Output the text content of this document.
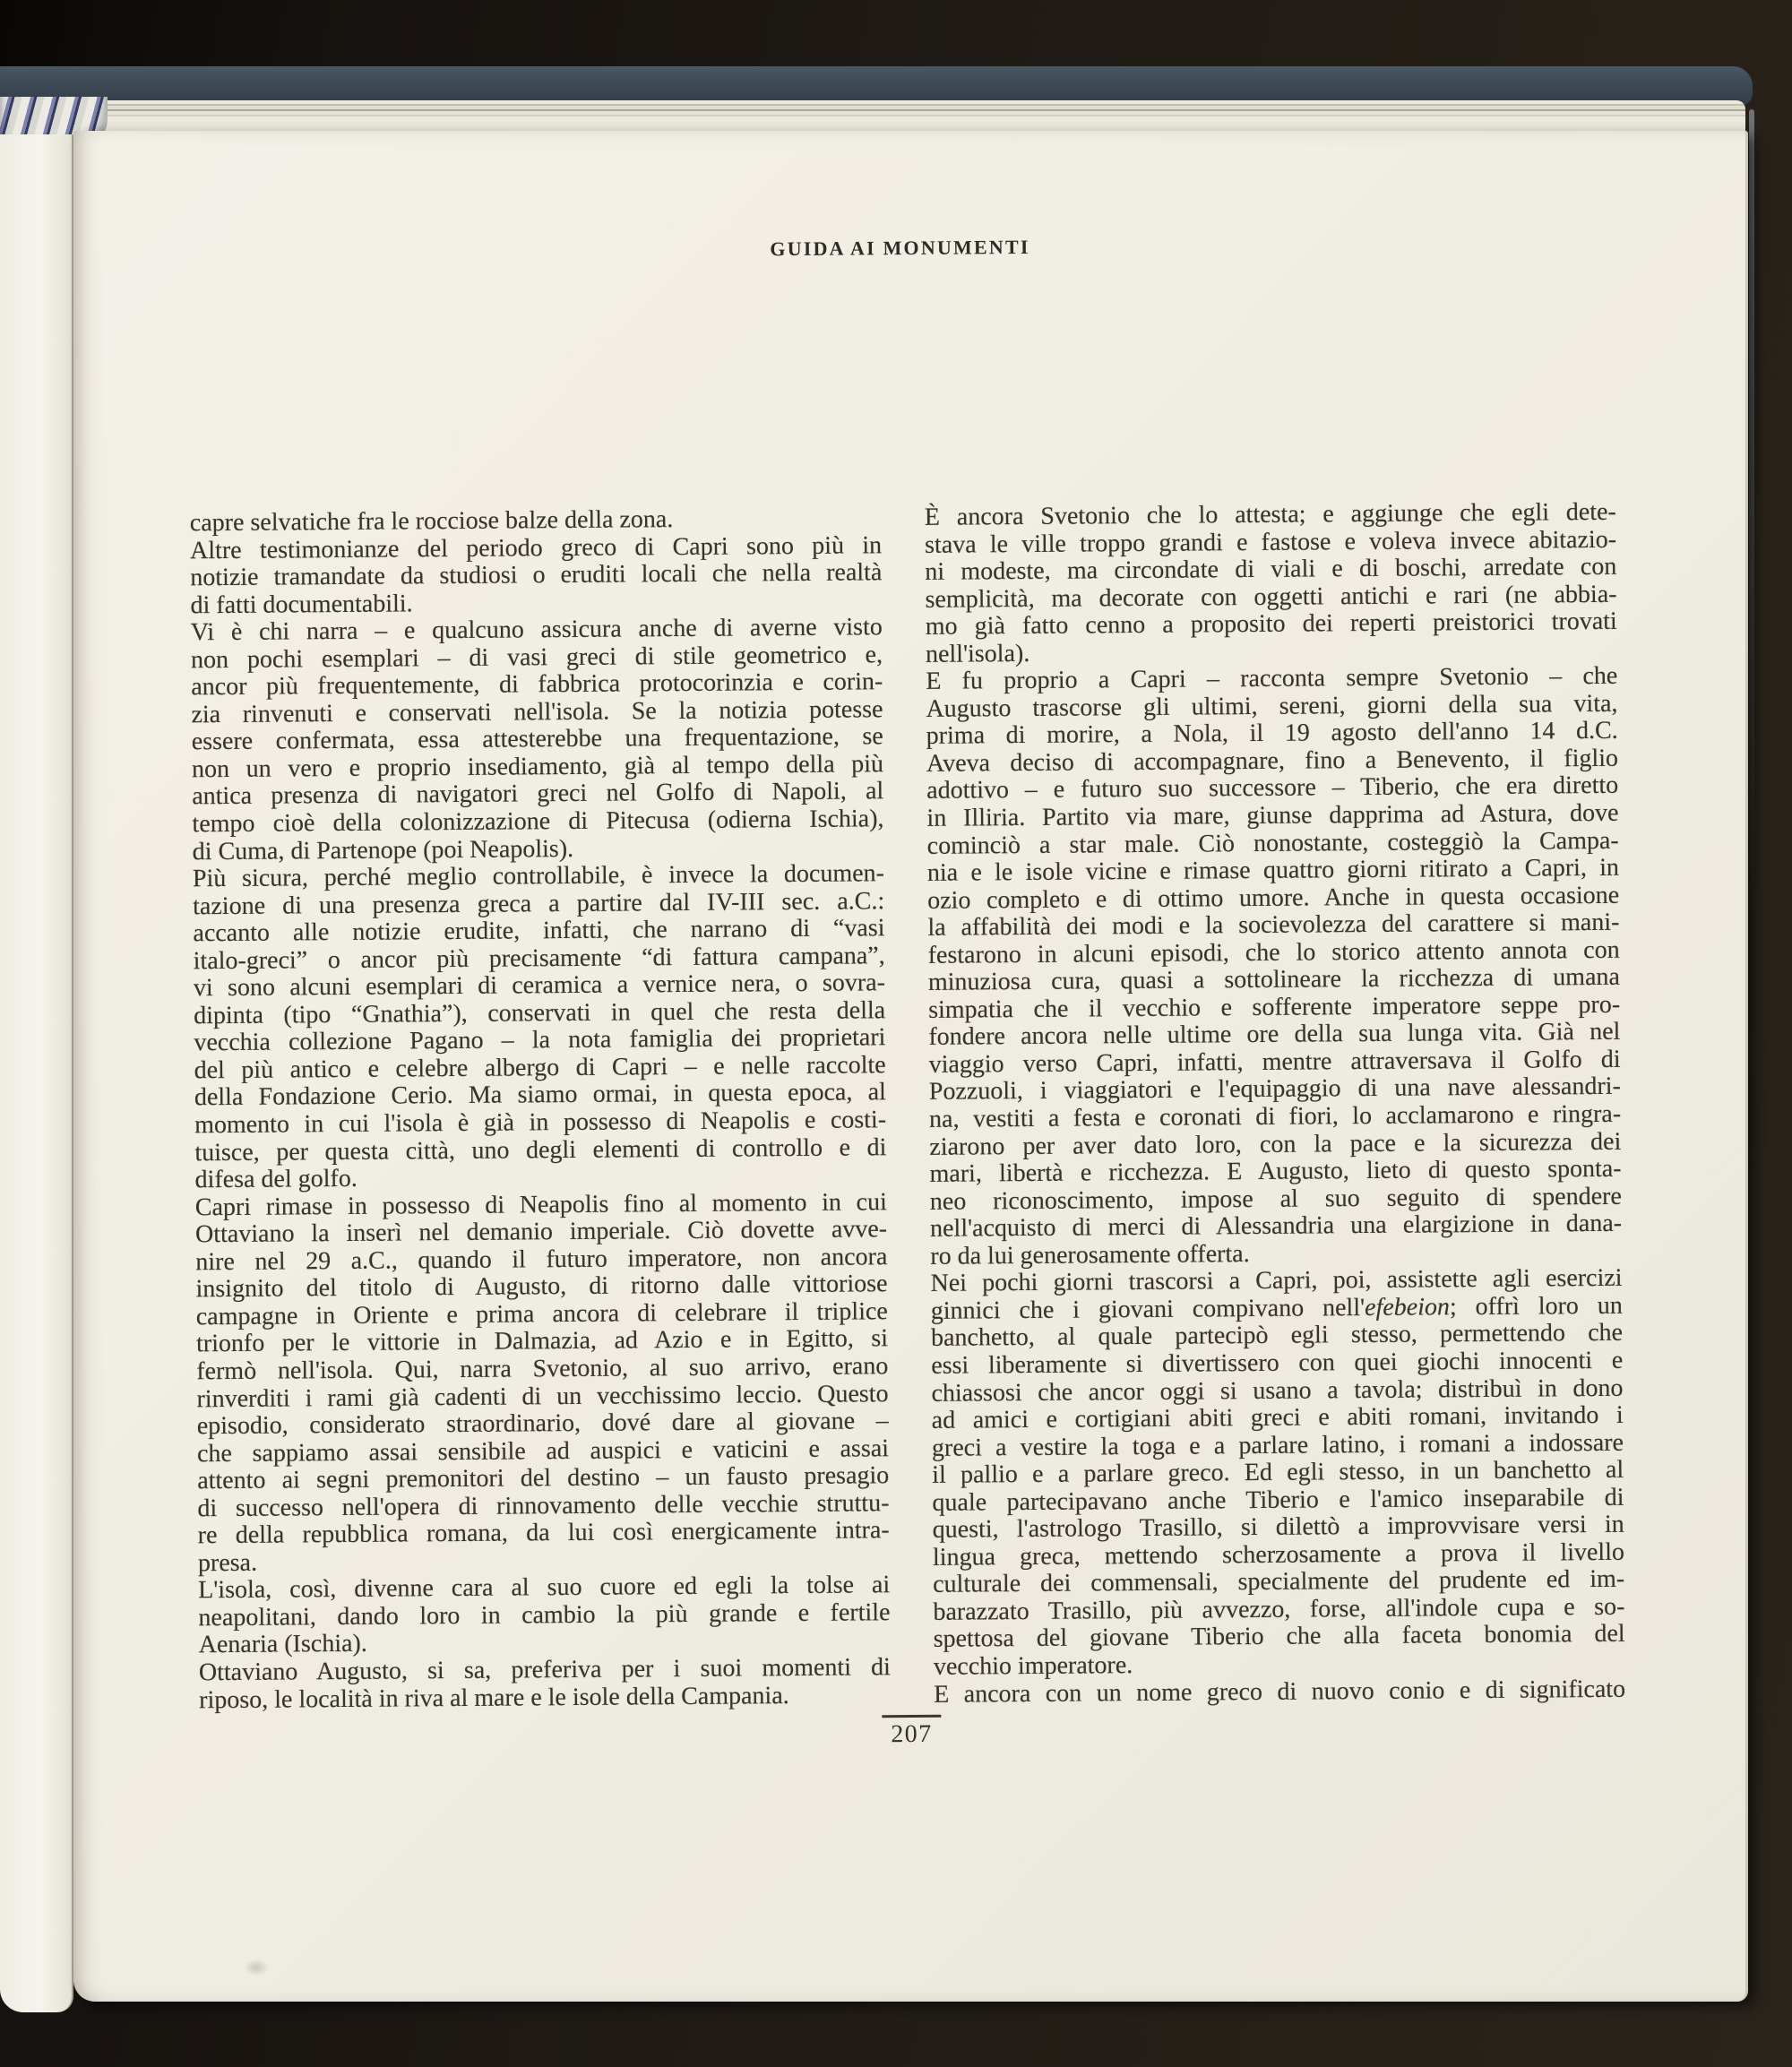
GUIDA AI MONUMENTI
capre selvatiche fra le rocciose balze della zona.
Altre testimonianze del periodo greco di Capri sono più in
notizie tramandate da studiosi o eruditi locali che nella realtà
di fatti documentabili.
Vi è chi narra – e qualcuno assicura anche di averne visto
non pochi esemplari – di vasi greci di stile geometrico e,
ancor più frequentemente, di fabbrica protocorinzia e corin-
zia rinvenuti e conservati nell'isola. Se la notizia potesse
essere confermata, essa attesterebbe una frequentazione, se
non un vero e proprio insediamento, già al tempo della più
antica presenza di navigatori greci nel Golfo di Napoli, al
tempo cioè della colonizzazione di Pitecusa (odierna Ischia),
di Cuma, di Partenope (poi Neapolis).
Più sicura, perché meglio controllabile, è invece la documen-
tazione di una presenza greca a partire dal IV-III sec. a.C.:
accanto alle notizie erudite, infatti, che narrano di “vasi
italo-greci” o ancor più precisamente “di fattura campana”,
vi sono alcuni esemplari di ceramica a vernice nera, o sovra-
dipinta (tipo “Gnathia”), conservati in quel che resta della
vecchia collezione Pagano – la nota famiglia dei proprietari
del più antico e celebre albergo di Capri – e nelle raccolte
della Fondazione Cerio. Ma siamo ormai, in questa epoca, al
momento in cui l'isola è già in possesso di Neapolis e costi-
tuisce, per questa città, uno degli elementi di controllo e di
difesa del golfo.
Capri rimase in possesso di Neapolis fino al momento in cui
Ottaviano la inserì nel demanio imperiale. Ciò dovette avve-
nire nel 29 a.C., quando il futuro imperatore, non ancora
insignito del titolo di Augusto, di ritorno dalle vittoriose
campagne in Oriente e prima ancora di celebrare il triplice
trionfo per le vittorie in Dalmazia, ad Azio e in Egitto, si
fermò nell'isola. Qui, narra Svetonio, al suo arrivo, erano
rinverditi i rami già cadenti di un vecchissimo leccio. Questo
episodio, considerato straordinario, dové dare al giovane –
che sappiamo assai sensibile ad auspici e vaticini e assai
attento ai segni premonitori del destino – un fausto presagio
di successo nell'opera di rinnovamento delle vecchie struttu-
re della repubblica romana, da lui così energicamente intra-
presa.
L'isola, così, divenne cara al suo cuore ed egli la tolse ai
neapolitani, dando loro in cambio la più grande e fertile
Aenaria (Ischia).
Ottaviano Augusto, si sa, preferiva per i suoi momenti di
riposo, le località in riva al mare e le isole della Campania.
È ancora Svetonio che lo attesta; e aggiunge che egli dete-
stava le ville troppo grandi e fastose e voleva invece abitazio-
ni modeste, ma circondate di viali e di boschi, arredate con
semplicità, ma decorate con oggetti antichi e rari (ne abbia-
mo già fatto cenno a proposito dei reperti preistorici trovati
nell'isola).
E fu proprio a Capri – racconta sempre Svetonio – che
Augusto trascorse gli ultimi, sereni, giorni della sua vita,
prima di morire, a Nola, il 19 agosto dell'anno 14 d.C.
Aveva deciso di accompagnare, fino a Benevento, il figlio
adottivo – e futuro suo successore – Tiberio, che era diretto
in Illiria. Partito via mare, giunse dapprima ad Astura, dove
cominciò a star male. Ciò nonostante, costeggiò la Campa-
nia e le isole vicine e rimase quattro giorni ritirato a Capri, in
ozio completo e di ottimo umore. Anche in questa occasione
la affabilità dei modi e la socievolezza del carattere si mani-
festarono in alcuni episodi, che lo storico attento annota con
minuziosa cura, quasi a sottolineare la ricchezza di umana
simpatia che il vecchio e sofferente imperatore seppe pro-
fondere ancora nelle ultime ore della sua lunga vita. Già nel
viaggio verso Capri, infatti, mentre attraversava il Golfo di
Pozzuoli, i viaggiatori e l'equipaggio di una nave alessandri-
na, vestiti a festa e coronati di fiori, lo acclamarono e ringra-
ziarono per aver dato loro, con la pace e la sicurezza dei
mari, libertà e ricchezza. E Augusto, lieto di questo sponta-
neo riconoscimento, impose al suo seguito di spendere
nell'acquisto di merci di Alessandria una elargizione in dana-
ro da lui generosamente offerta.
Nei pochi giorni trascorsi a Capri, poi, assistette agli esercizi
ginnici che i giovani compivano nell'efebeion; offrì loro un
banchetto, al quale partecipò egli stesso, permettendo che
essi liberamente si divertissero con quei giochi innocenti e
chiassosi che ancor oggi si usano a tavola; distribuì in dono
ad amici e cortigiani abiti greci e abiti romani, invitando i
greci a vestire la toga e a parlare latino, i romani a indossare
il pallio e a parlare greco. Ed egli stesso, in un banchetto al
quale partecipavano anche Tiberio e l'amico inseparabile di
questi, l'astrologo Trasillo, si dilettò a improvvisare versi in
lingua greca, mettendo scherzosamente a prova il livello
culturale dei commensali, specialmente del prudente ed im-
barazzato Trasillo, più avvezzo, forse, all'indole cupa e so-
spettosa del giovane Tiberio che alla faceta bonomia del
vecchio imperatore.
E ancora con un nome greco di nuovo conio e di significato
207
